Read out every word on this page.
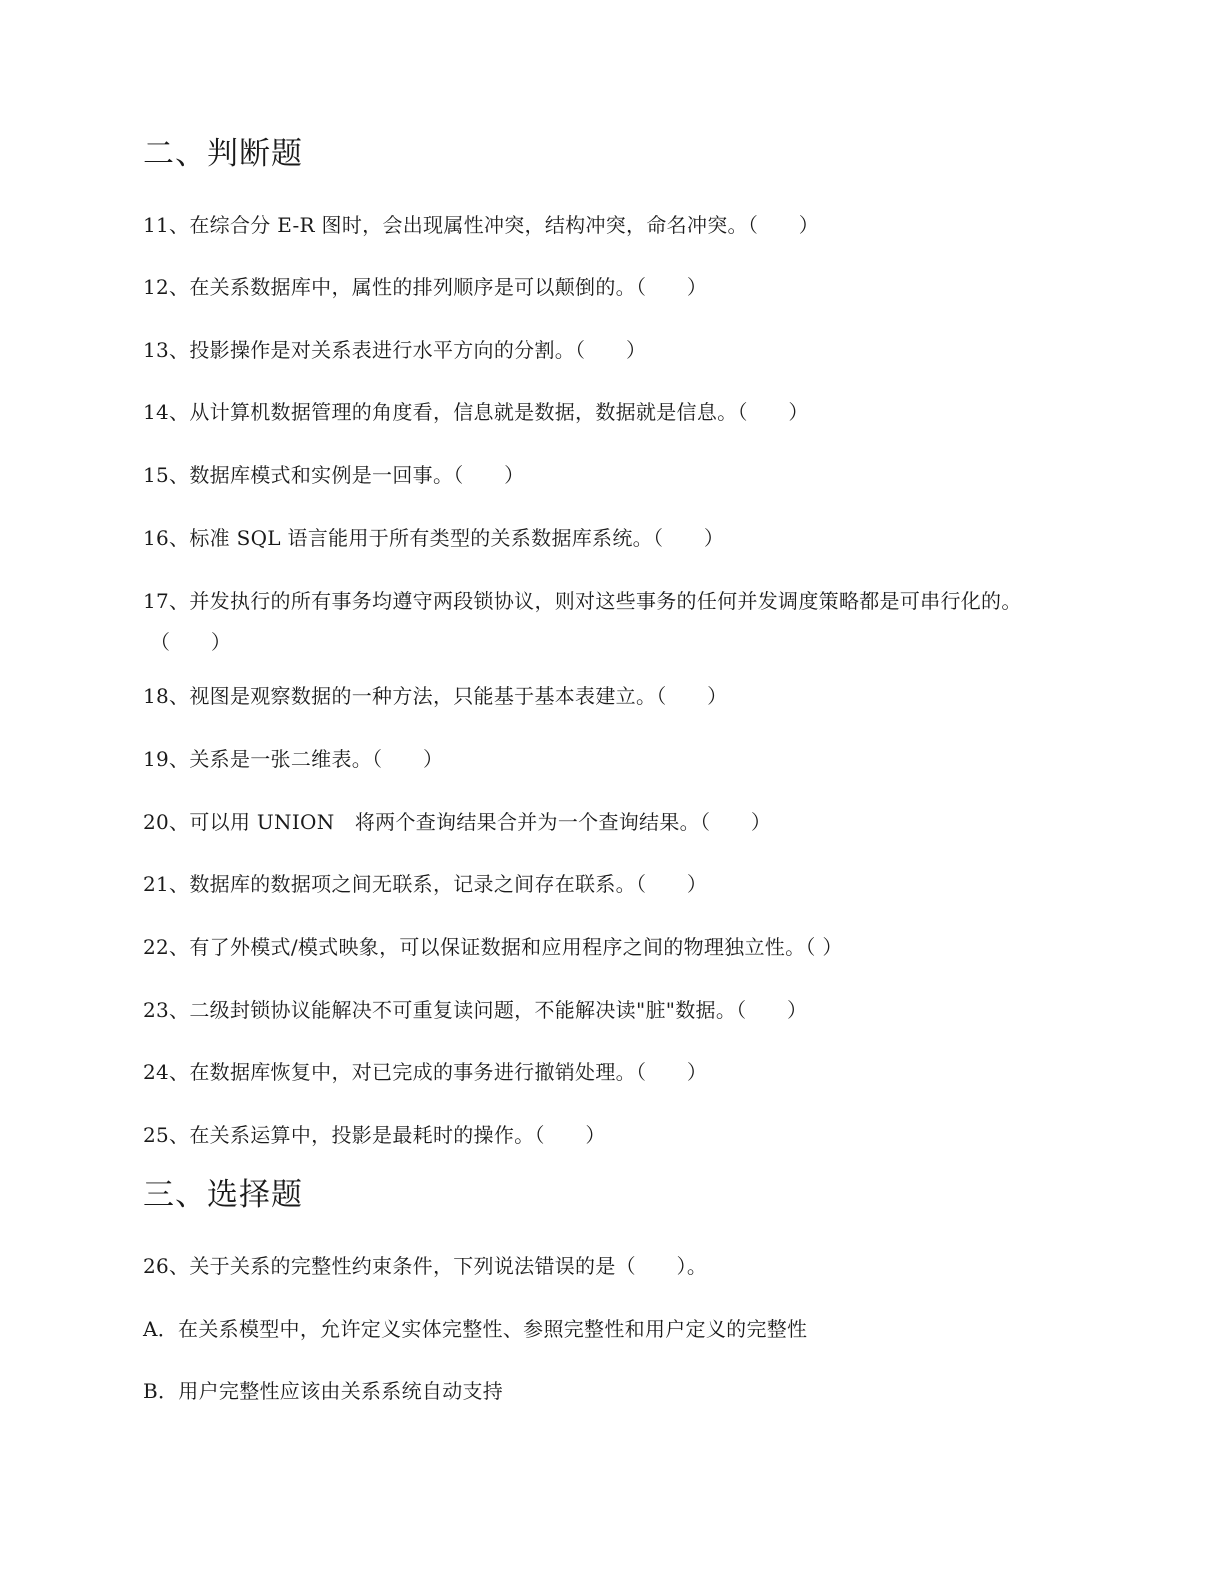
二、判断题
11、在综合分 E-R 图时，会出现属性冲突，结构冲突，命名冲突。（　　）
12、在关系数据库中，属性的排列顺序是可以颠倒的。（　　）
13、投影操作是对关系表进行水平方向的分割。（　　）
14、从计算机数据管理的角度看，信息就是数据，数据就是信息。（　　）
15、数据库模式和实例是一回事。（　　）
16、标准 SQL 语言能用于所有类型的关系数据库系统。（　　）
17、并发执行的所有事务均遵守两段锁协议，则对这些事务的任何并发调度策略都是可串行化的。
（　　）
18、视图是观察数据的一种方法，只能基于基本表建立。（　　）
19、关系是一张二维表。（　　）
20、可以用 UNION　将两个查询结果合并为一个查询结果。（　　）
21、数据库的数据项之间无联系，记录之间存在联系。（　　）
22、有了外模式/模式映象，可以保证数据和应用程序之间的物理独立性。（ ）
23、二级封锁协议能解决不可重复读问题，不能解决读"脏"数据。（　　）
24、在数据库恢复中，对已完成的事务进行撤销处理。（　　）
25、在关系运算中，投影是最耗时的操作。（　　）
三、选择题
26、关于关系的完整性约束条件，下列说法错误的是（　　）。
A．在关系模型中，允许定义实体完整性、参照完整性和用户定义的完整性
B．用户完整性应该由关系系统自动支持
